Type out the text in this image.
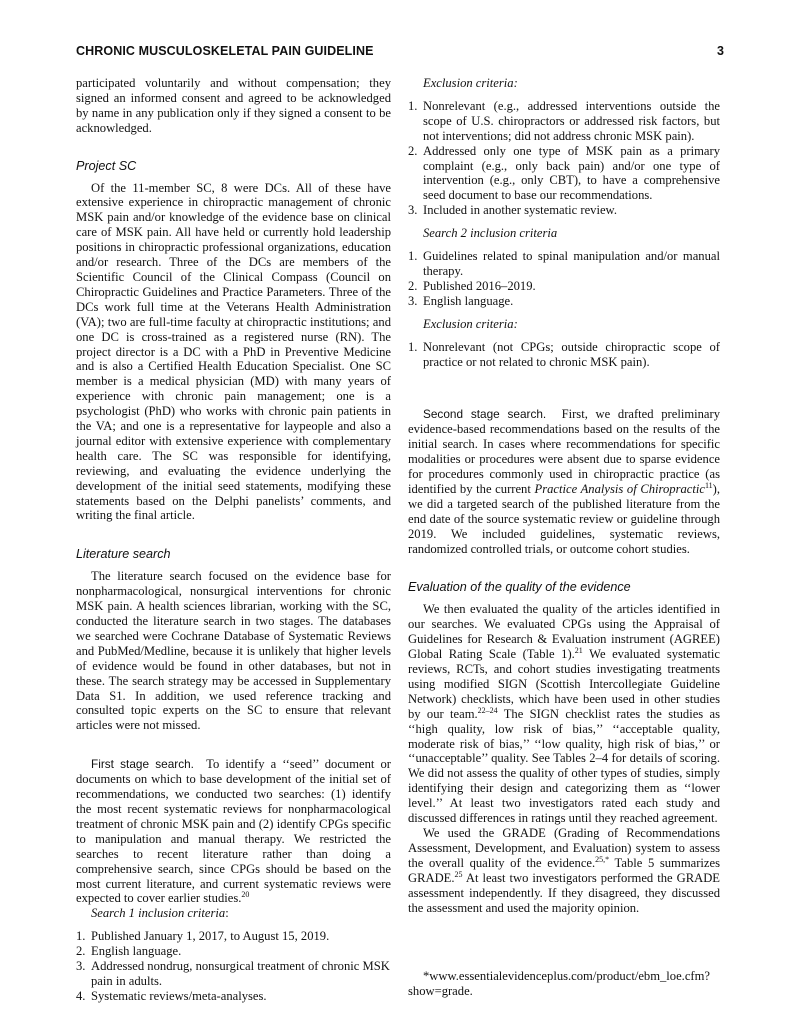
CHRONIC MUSCULOSKELETAL PAIN GUIDELINE	3
participated voluntarily and without compensation; they signed an informed consent and agreed to be acknowledged by name in any publication only if they signed a consent to be acknowledged.
Project SC
Of the 11-member SC, 8 were DCs. All of these have extensive experience in chiropractic management of chronic MSK pain and/or knowledge of the evidence base on clinical care of MSK pain. All have held or currently hold leadership positions in chiropractic professional organizations, education and/or research. Three of the DCs are members of the Scientific Council of the Clinical Compass (Council on Chiropractic Guidelines and Practice Parameters. Three of the DCs work full time at the Veterans Health Administration (VA); two are full-time faculty at chiropractic institutions; and one DC is cross-trained as a registered nurse (RN). The project director is a DC with a PhD in Preventive Medicine and is also a Certified Health Education Specialist. One SC member is a medical physician (MD) with many years of experience with chronic pain management; one is a psychologist (PhD) who works with chronic pain patients in the VA; and one is a representative for laypeople and also a journal editor with extensive experience with complementary health care. The SC was responsible for identifying, reviewing, and evaluating the evidence underlying the development of the initial seed statements, modifying these statements based on the Delphi panelists’ comments, and writing the final article.
Literature search
The literature search focused on the evidence base for nonpharmacological, nonsurgical interventions for chronic MSK pain. A health sciences librarian, working with the SC, conducted the literature search in two stages. The databases we searched were Cochrane Database of Systematic Reviews and PubMed/Medline, because it is unlikely that higher levels of evidence would be found in other databases, but not in these. The search strategy may be accessed in Supplementary Data S1. In addition, we used reference tracking and consulted topic experts on the SC to ensure that relevant articles were not missed.
First stage search. To identify a ‘‘seed’’ document or documents on which to base development of the initial set of recommendations, we conducted two searches: (1) identify the most recent systematic reviews for nonpharmacological treatment of chronic MSK pain and (2) identify CPGs specific to manipulation and manual therapy. We restricted the searches to recent literature rather than doing a comprehensive search, since CPGs should be based on the most current literature, and current systematic reviews were expected to cover earlier studies.$^{20}$
Search 1 inclusion criteria:
1. Published January 1, 2017, to August 15, 2019.
2. English language.
3. Addressed nondrug, nonsurgical treatment of chronic MSK pain in adults.
4. Systematic reviews/meta-analyses.
Exclusion criteria:
1. Nonrelevant (e.g., addressed interventions outside the scope of U.S. chiropractors or addressed risk factors, but not interventions; did not address chronic MSK pain).
2. Addressed only one type of MSK pain as a primary complaint (e.g., only back pain) and/or one type of intervention (e.g., only CBT), to have a comprehensive seed document to base our recommendations.
3. Included in another systematic review.
Search 2 inclusion criteria
1. Guidelines related to spinal manipulation and/or manual therapy.
2. Published 2016–2019.
3. English language.
Exclusion criteria:
1. Nonrelevant (not CPGs; outside chiropractic scope of practice or not related to chronic MSK pain).
Second stage search. First, we drafted preliminary evidence-based recommendations based on the results of the initial search. In cases where recommendations for specific modalities or procedures were absent due to sparse evidence for procedures commonly used in chiropractic practice (as identified by the current Practice Analysis of Chiropractic$^{11}$), we did a targeted search of the published literature from the end date of the source systematic review or guideline through 2019. We included guidelines, systematic reviews, randomized controlled trials, or outcome cohort studies.
Evaluation of the quality of the evidence
We then evaluated the quality of the articles identified in our searches. We evaluated CPGs using the Appraisal of Guidelines for Research & Evaluation instrument (AGREE) Global Rating Scale (Table 1).$^{21}$ We evaluated systematic reviews, RCTs, and cohort studies investigating treatments using modified SIGN (Scottish Intercollegiate Guideline Network) checklists, which have been used in other studies by our team.$^{22-24}$ The SIGN checklist rates the studies as ‘‘high quality, low risk of bias,’’ ‘‘acceptable quality, moderate risk of bias,’’ ‘‘low quality, high risk of bias,’’ or ‘‘unacceptable’’ quality. See Tables 2–4 for details of scoring. We did not assess the quality of other types of studies, simply identifying their design and categorizing them as ‘‘lower level.’’ At least two investigators rated each study and discussed differences in ratings until they reached agreement.
We used the GRADE (Grading of Recommendations Assessment, Development, and Evaluation) system to assess the overall quality of the evidence.$^{25,*}$ Table 5 summarizes GRADE.$^{25}$ At least two investigators performed the GRADE assessment independently. If they disagreed, they discussed the assessment and used the majority opinion.
*www.essentialevidenceplus.com/product/ebm_loe.cfm?show=grade.
